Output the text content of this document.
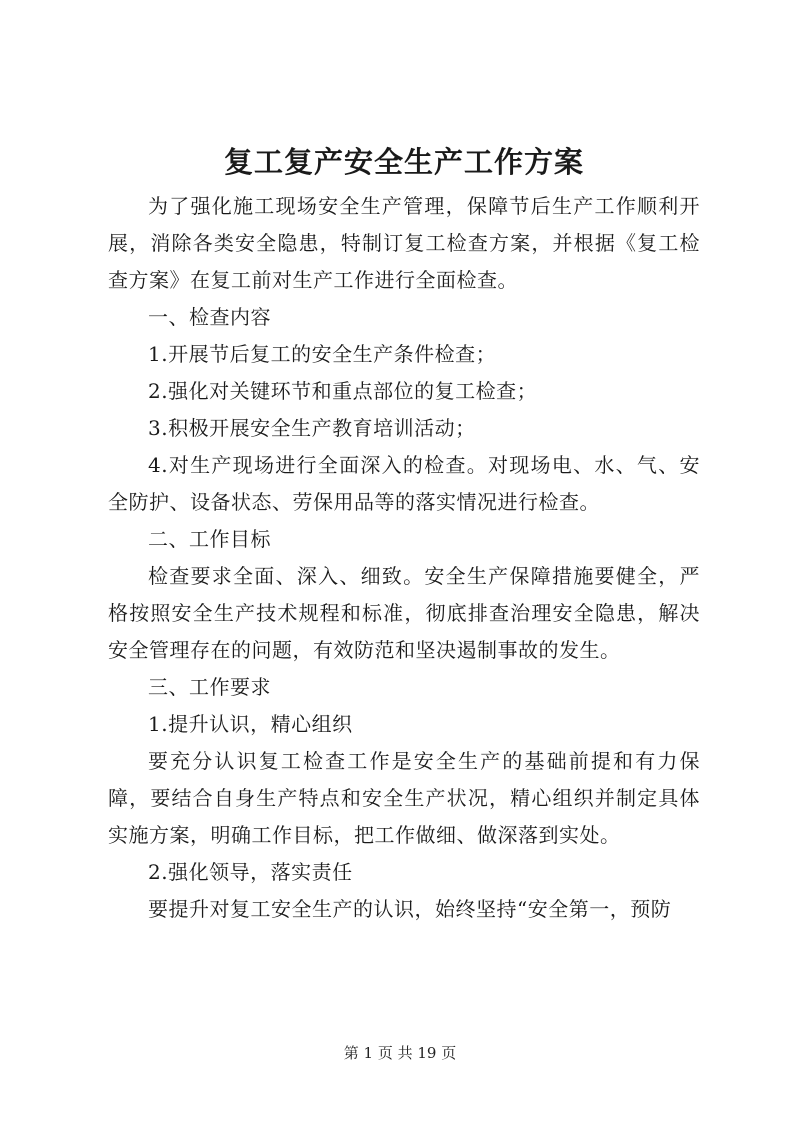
复工复产安全生产工作方案

为了强化施工现场安全生产管理，保障节后生产工作顺利开展，消除各类安全隐患，特制订复工检查方案，并根据《复工检查方案》在复工前对生产工作进行全面检查。

一、检查内容

1.开展节后复工的安全生产条件检查；

2.强化对关键环节和重点部位的复工检查；

3.积极开展安全生产教育培训活动；

4.对生产现场进行全面深入的检查。对现场电、水、气、安全防护、设备状态、劳保用品等的落实情况进行检查。

二、工作目标

检查要求全面、深入、细致。安全生产保障措施要健全，严格按照安全生产技术规程和标准，彻底排查治理安全隐患，解决安全管理存在的问题，有效防范和坚决遏制事故的发生。

三、工作要求

1.提升认识，精心组织

要充分认识复工检查工作是安全生产的基础前提和有力保障，要结合自身生产特点和安全生产状况，精心组织并制定具体实施方案，明确工作目标，把工作做细、做深落到实处。

2.强化领导，落实责任

要提升对复工安全生产的认识，始终坚持“安全第一，预防

第 1 页 共 19 页
